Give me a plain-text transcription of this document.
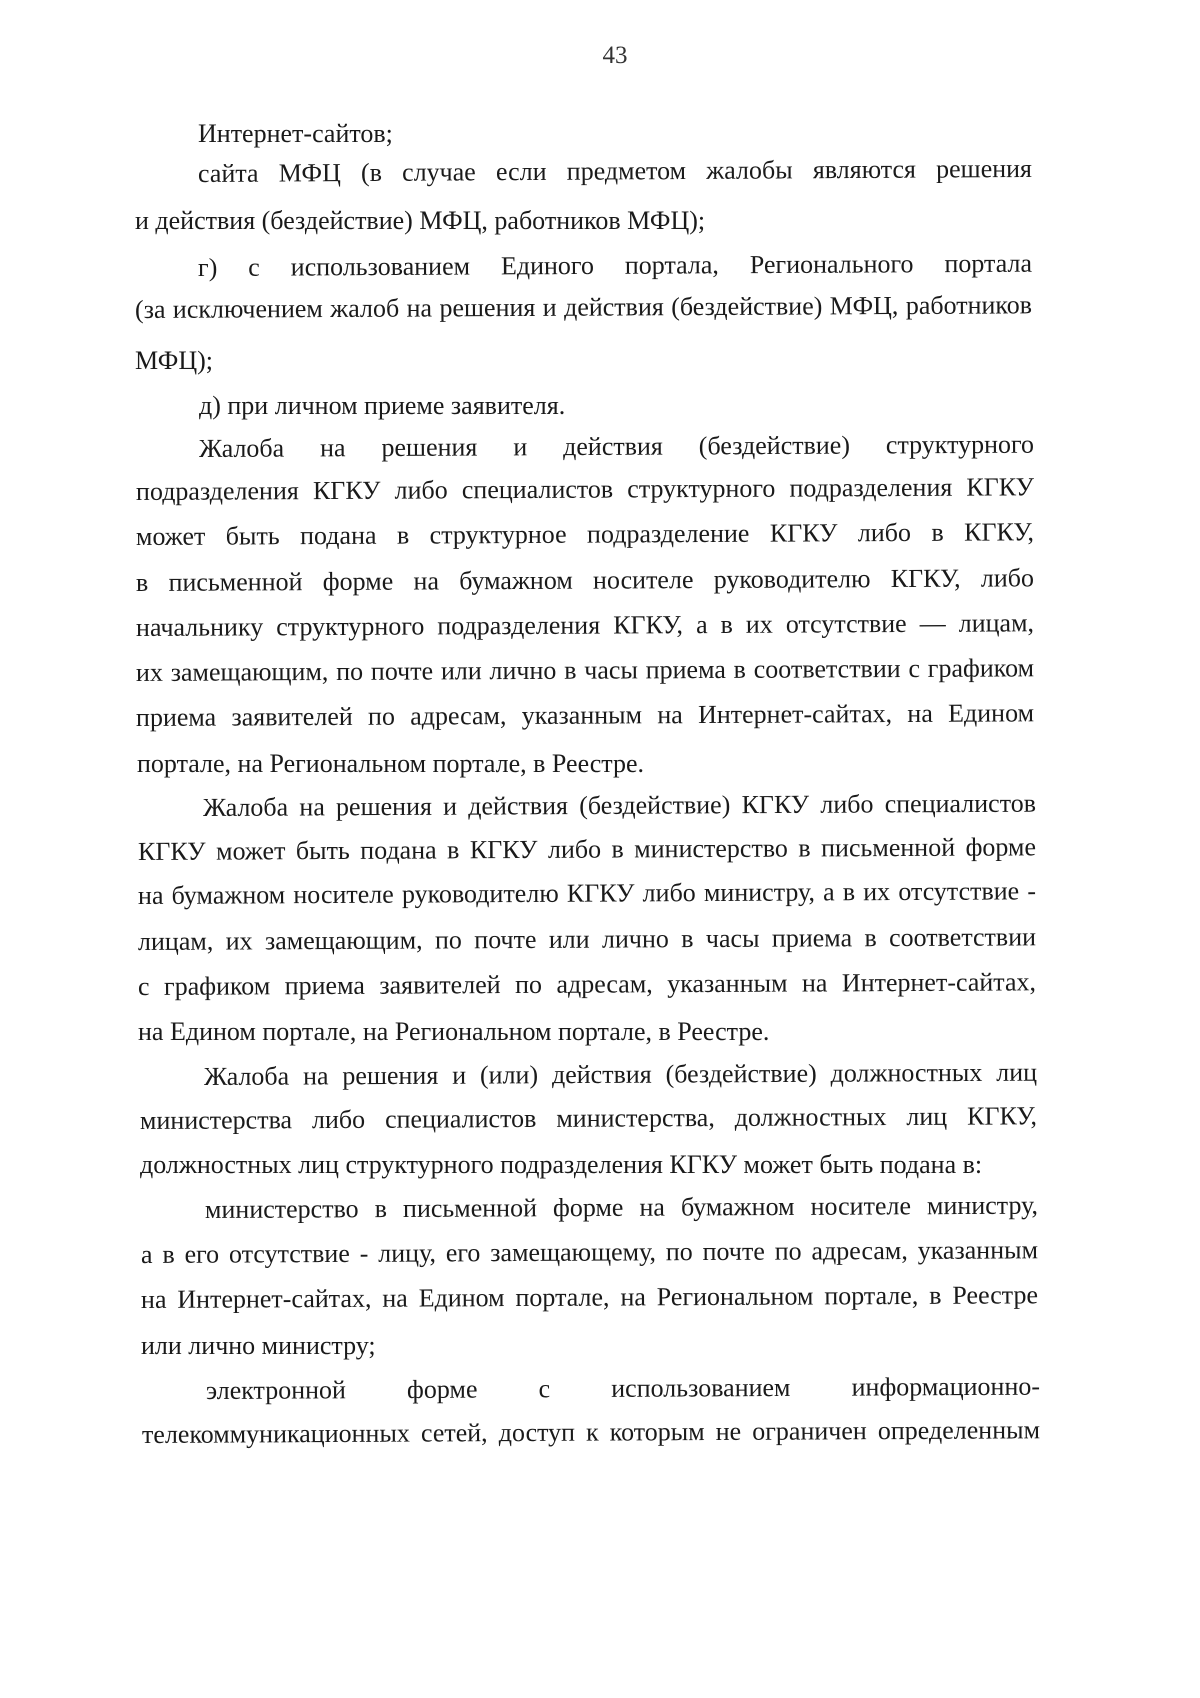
43
Интернет-сайтов;
сайта МФЦ (в случае если предметом жалобы являются решения
и действия (бездействие) МФЦ, работников МФЦ);
г) с использованием Единого портала, Регионального портала
(за исключением жалоб на решения и действия (бездействие) МФЦ, работников
МФЦ);
д) при личном приеме заявителя.
Жалоба на решения и действия (бездействие) структурного
подразделения КГКУ либо специалистов структурного подразделения КГКУ
может быть подана в структурное подразделение КГКУ либо в КГКУ,
в письменной форме на бумажном носителе руководителю КГКУ, либо
начальнику структурного подразделения КГКУ, а в их отсутствие — лицам,
их замещающим, по почте или лично в часы приема в соответствии с графиком
приема заявителей по адресам, указанным на Интернет-сайтах, на Едином
портале, на Региональном портале, в Реестре.
Жалоба на решения и действия (бездействие) КГКУ либо специалистов
КГКУ может быть подана в КГКУ либо в министерство в письменной форме
на бумажном носителе руководителю КГКУ либо министру, а в их отсутствие -
лицам, их замещающим, по почте или лично в часы приема в соответствии
с графиком приема заявителей по адресам, указанным на Интернет-сайтах,
на Едином портале, на Региональном портале, в Реестре.
Жалоба на решения и (или) действия (бездействие) должностных лиц
министерства либо специалистов министерства, должностных лиц КГКУ,
должностных лиц структурного подразделения КГКУ может быть подана в:
министерство в письменной форме на бумажном носителе министру,
а в его отсутствие - лицу, его замещающему, по почте по адресам, указанным
на Интернет-сайтах, на Едином портале, на Региональном портале, в Реестре
или лично министру;
электронной форме с использованием информационно-
телекоммуникационных сетей, доступ к которым не ограничен определенным
